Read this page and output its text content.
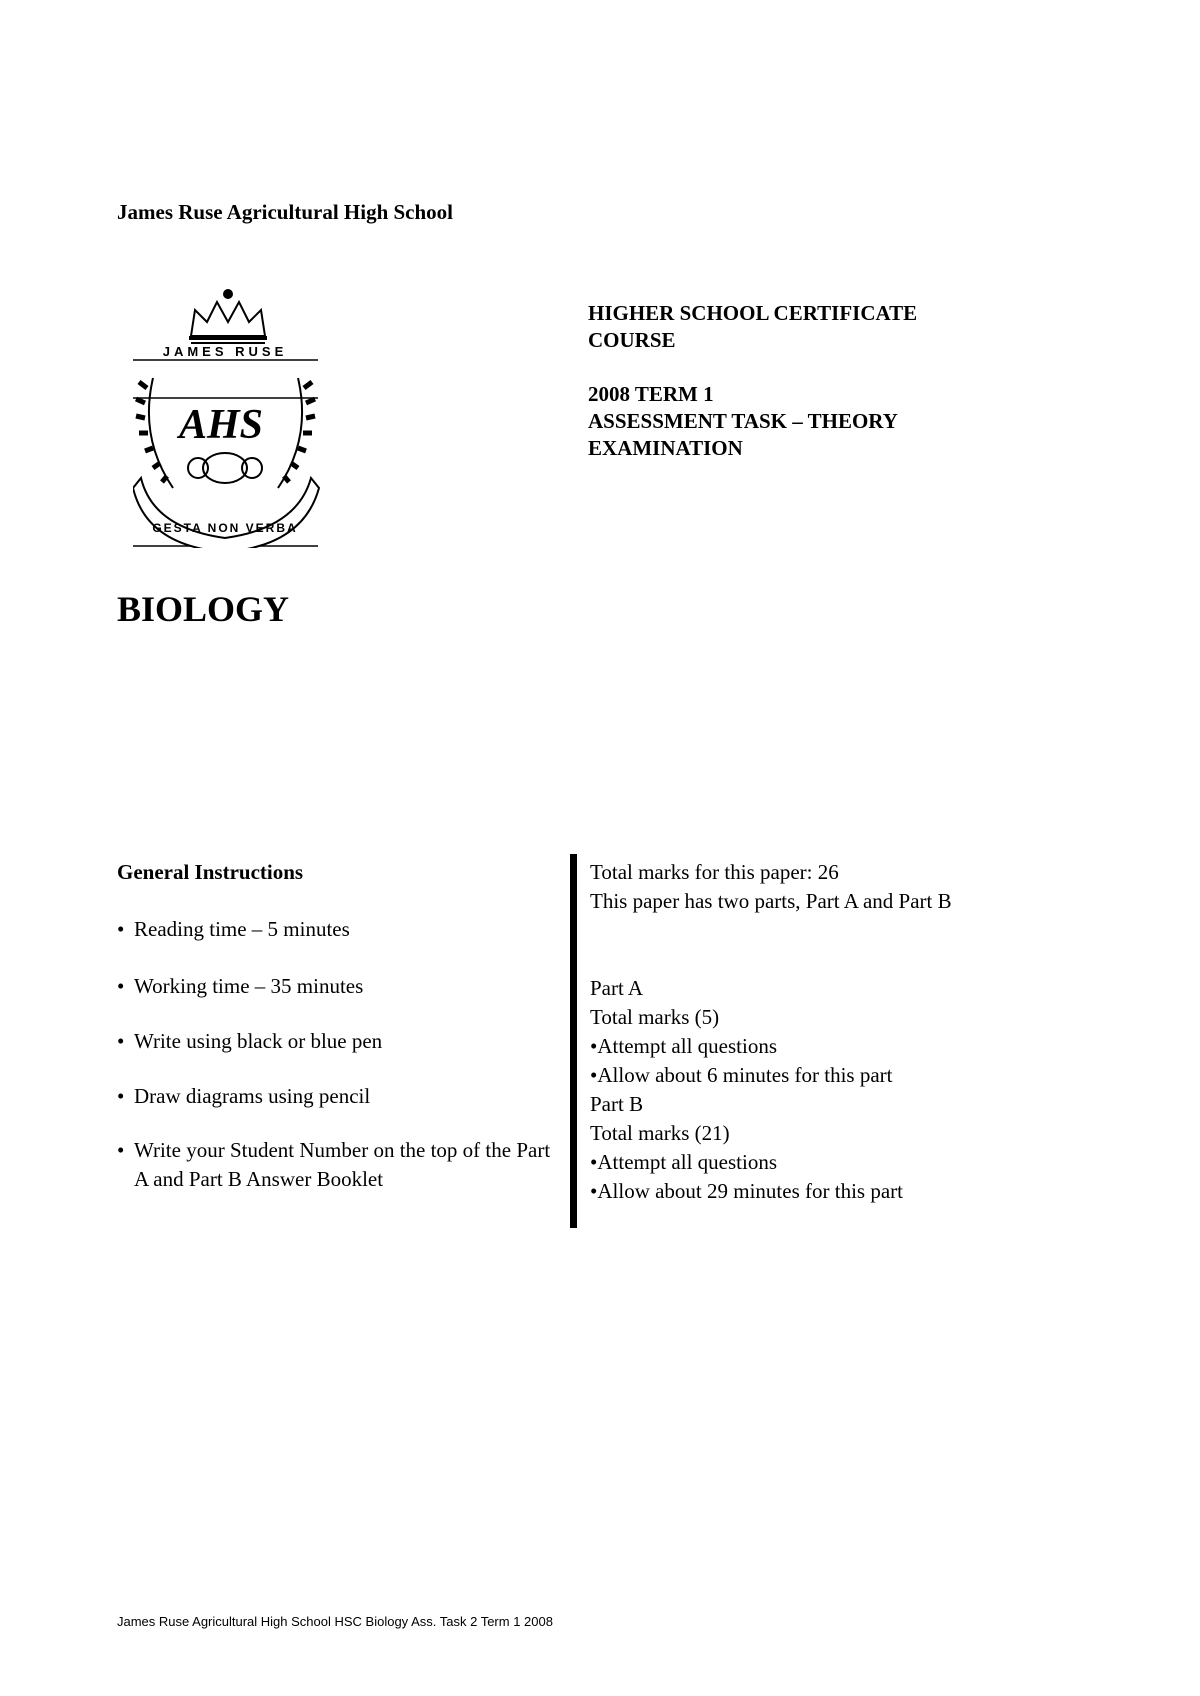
James Ruse Agricultural High School
JAMES RUSE
AHS
GESTA NON VERBA
HIGHER SCHOOL CERTIFICATE
COURSE
2008 TERM 1
ASSESSMENT TASK – THEORY
EXAMINATION
BIOLOGY
General Instructions
• Reading time – 5 minutes
• Working time – 35 minutes
• Write using black or blue pen
• Draw diagrams using pencil
• Write your Student Number on the top of the Part A and Part B Answer Booklet
Total marks for this paper: 26
This paper has two parts, Part A and Part B
Part A
Total marks (5)
• Attempt all questions
• Allow about 6 minutes for this part
Part B
Total marks (21)
• Attempt all questions
• Allow about 29 minutes for this part
James Ruse Agricultural High School HSC Biology Ass. Task 2 Term 1 2008
